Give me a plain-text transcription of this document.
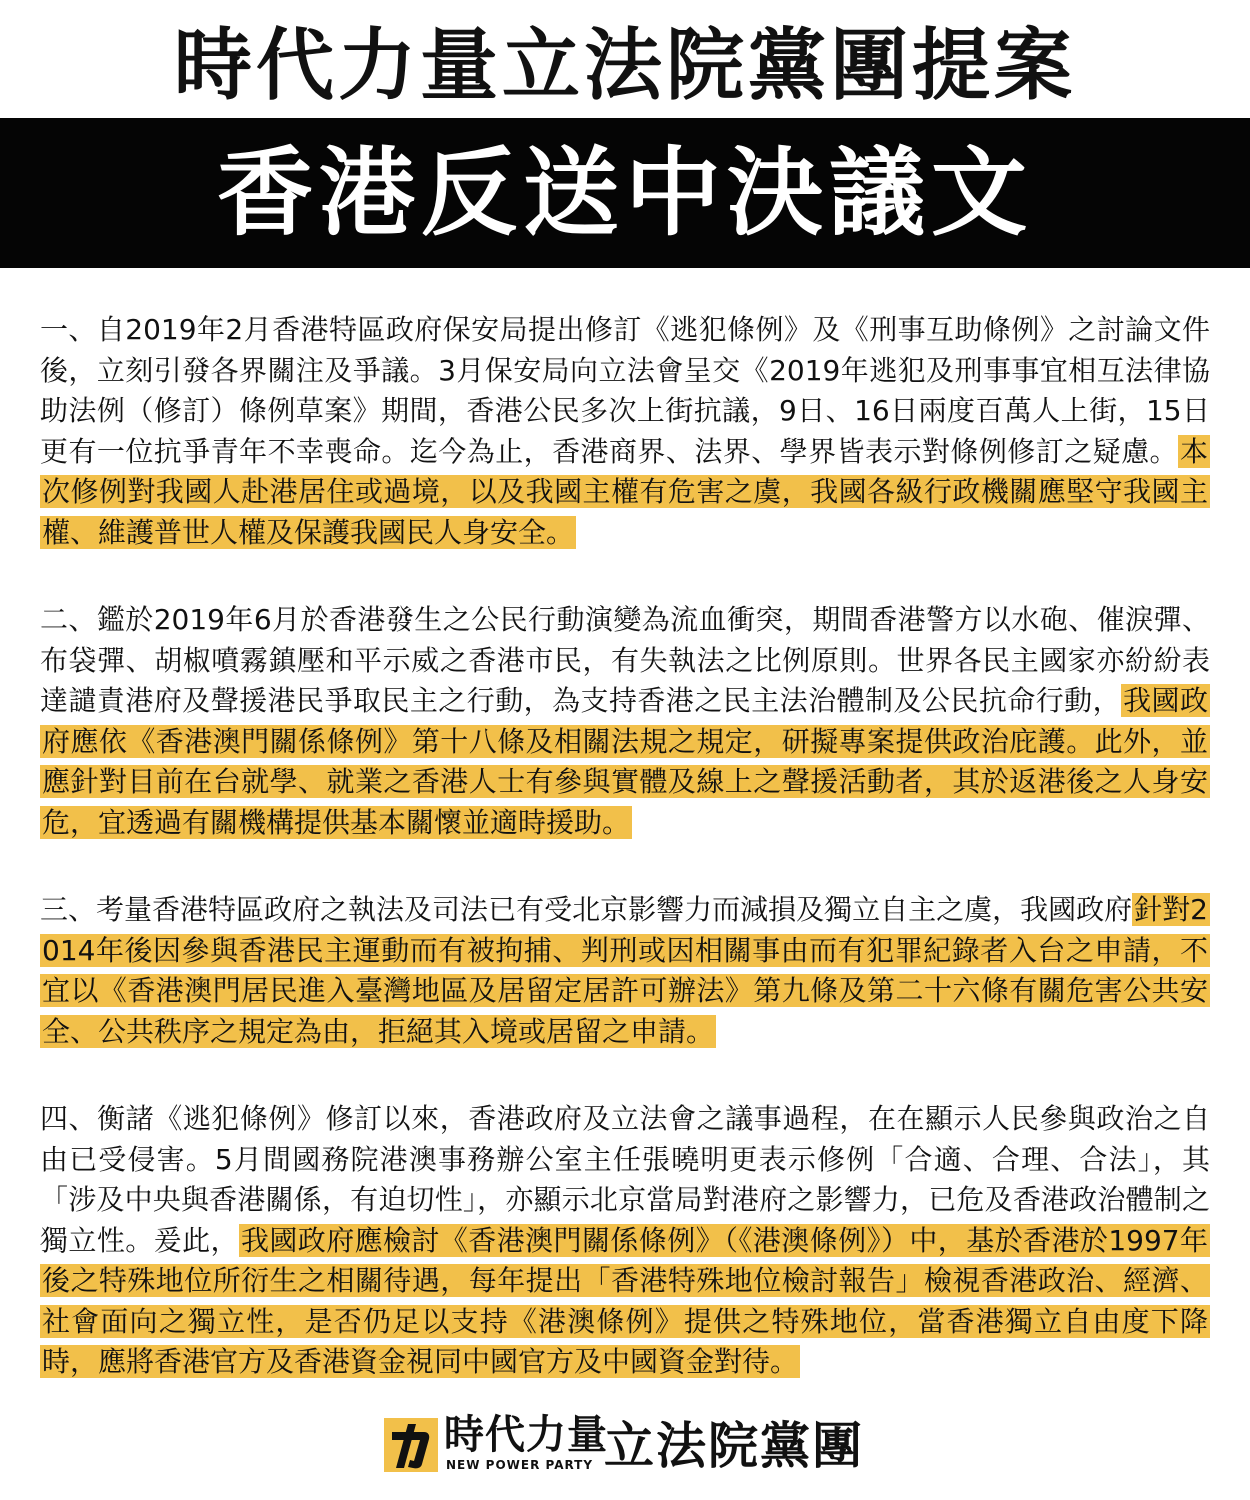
時代力量立法院黨團提案
香港反送中決議文

一、自2019年2月香港特區政府保安局提出修訂《逃犯條例》及《刑事互助條例》之討論文件後，立刻引發各界關注及爭議。3月保安局向立法會呈交《2019年逃犯及刑事事宜相互法律協助法例（修訂）條例草案》期間，香港公民多次上街抗議，9日、16日兩度百萬人上街，15日更有一位抗爭青年不幸喪命。迄今為止，香港商界、法界、學界皆表示對條例修訂之疑慮。本次修例對我國人赴港居住或過境，以及我國主權有危害之虞，我國各級行政機關應堅守我國主權、維護普世人權及保護我國民人身安全。

二、鑑於2019年6月於香港發生之公民行動演變為流血衝突，期間香港警方以水砲、催淚彈、布袋彈、胡椒噴霧鎮壓和平示威之香港市民，有失執法之比例原則。世界各民主國家亦紛紛表達譴責港府及聲援港民爭取民主之行動，為支持香港之民主法治體制及公民抗命行動，我國政府應依《香港澳門關係條例》第十八條及相關法規之規定，研擬專案提供政治庇護。此外，並應針對目前在台就學、就業之香港人士有參與實體及線上之聲援活動者，其於返港後之人身安危，宜透過有關機構提供基本關懷並適時援助。

三、考量香港特區政府之執法及司法已有受北京影響力而減損及獨立自主之虞，我國政府針對2014年後因參與香港民主運動而有被拘捕、判刑或因相關事由而有犯罪紀錄者入台之申請，不宜以《香港澳門居民進入臺灣地區及居留定居許可辦法》第九條及第二十六條有關危害公共安全、公共秩序之規定為由，拒絕其入境或居留之申請。

四、衡諸《逃犯條例》修訂以來，香港政府及立法會之議事過程，在在顯示人民參與政治之自由已受侵害。5月間國務院港澳事務辦公室主任張曉明更表示修例「合適、合理、合法」，其「涉及中央與香港關係，有迫切性」，亦顯示北京當局對港府之影響力，已危及香港政治體制之獨立性。爰此，我國政府應檢討《香港澳門關係條例》（《港澳條例》）中，基於香港於1997年後之特殊地位所衍生之相關待遇，每年提出「香港特殊地位檢討報告」檢視香港政治、經濟、社會面向之獨立性，是否仍足以支持《港澳條例》提供之特殊地位，當香港獨立自由度下降時，應將香港官方及香港資金視同中國官方及中國資金對待。

時代力量
NEW POWER PARTY 立法院黨團
